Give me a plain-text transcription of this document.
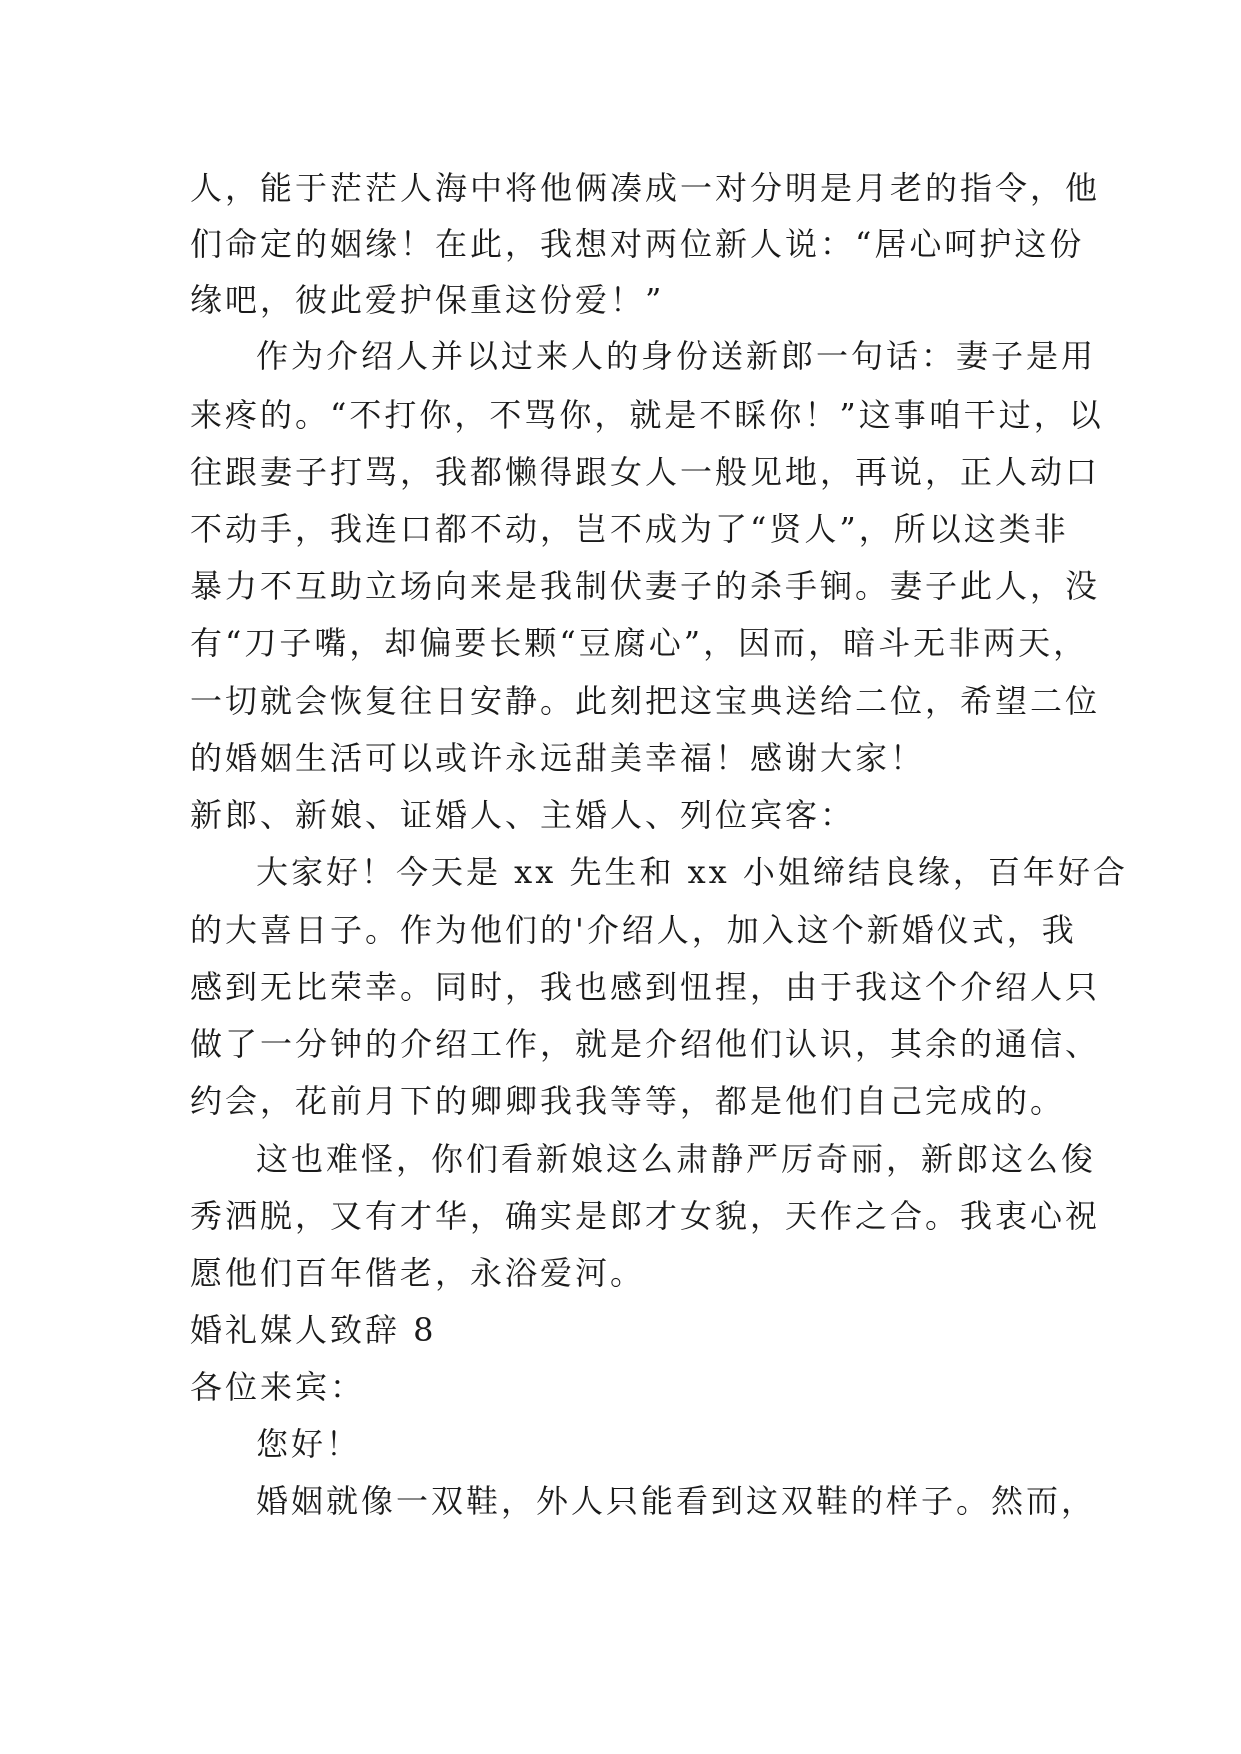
人，能于茫茫人海中将他俩凑成一对分明是月老的指令，他
们命定的姻缘！在此，我想对两位新人说：“居心呵护这份
缘吧，彼此爱护保重这份爱！”
作为介绍人并以过来人的身份送新郎一句话：妻子是用
来疼的。“不打你，不骂你，就是不睬你！”这事咱干过，以
往跟妻子打骂，我都懒得跟女人一般见地，再说，正人动口
不动手，我连口都不动，岂不成为了“贤人”，所以这类非
暴力不互助立场向来是我制伏妻子的杀手锏。妻子此人，没
有“刀子嘴，却偏要长颗“豆腐心”，因而，暗斗无非两天，
一切就会恢复往日安静。此刻把这宝典送给二位，希望二位
的婚姻生活可以或许永远甜美幸福！感谢大家！
新郎、新娘、证婚人、主婚人、列位宾客：
大家好！今天是 xx 先生和 xx 小姐缔结良缘，百年好合
的大喜日子。作为他们的'介绍人，加入这个新婚仪式，我
感到无比荣幸。同时，我也感到忸捏，由于我这个介绍人只
做了一分钟的介绍工作，就是介绍他们认识，其余的通信、
约会，花前月下的卿卿我我等等，都是他们自己完成的。
这也难怪，你们看新娘这么肃静严厉奇丽，新郎这么俊
秀洒脱，又有才华，确实是郎才女貌，天作之合。我衷心祝
愿他们百年偕老，永浴爱河。
婚礼媒人致辞 8
各位来宾：
您好！
婚姻就像一双鞋，外人只能看到这双鞋的样子。然而，
